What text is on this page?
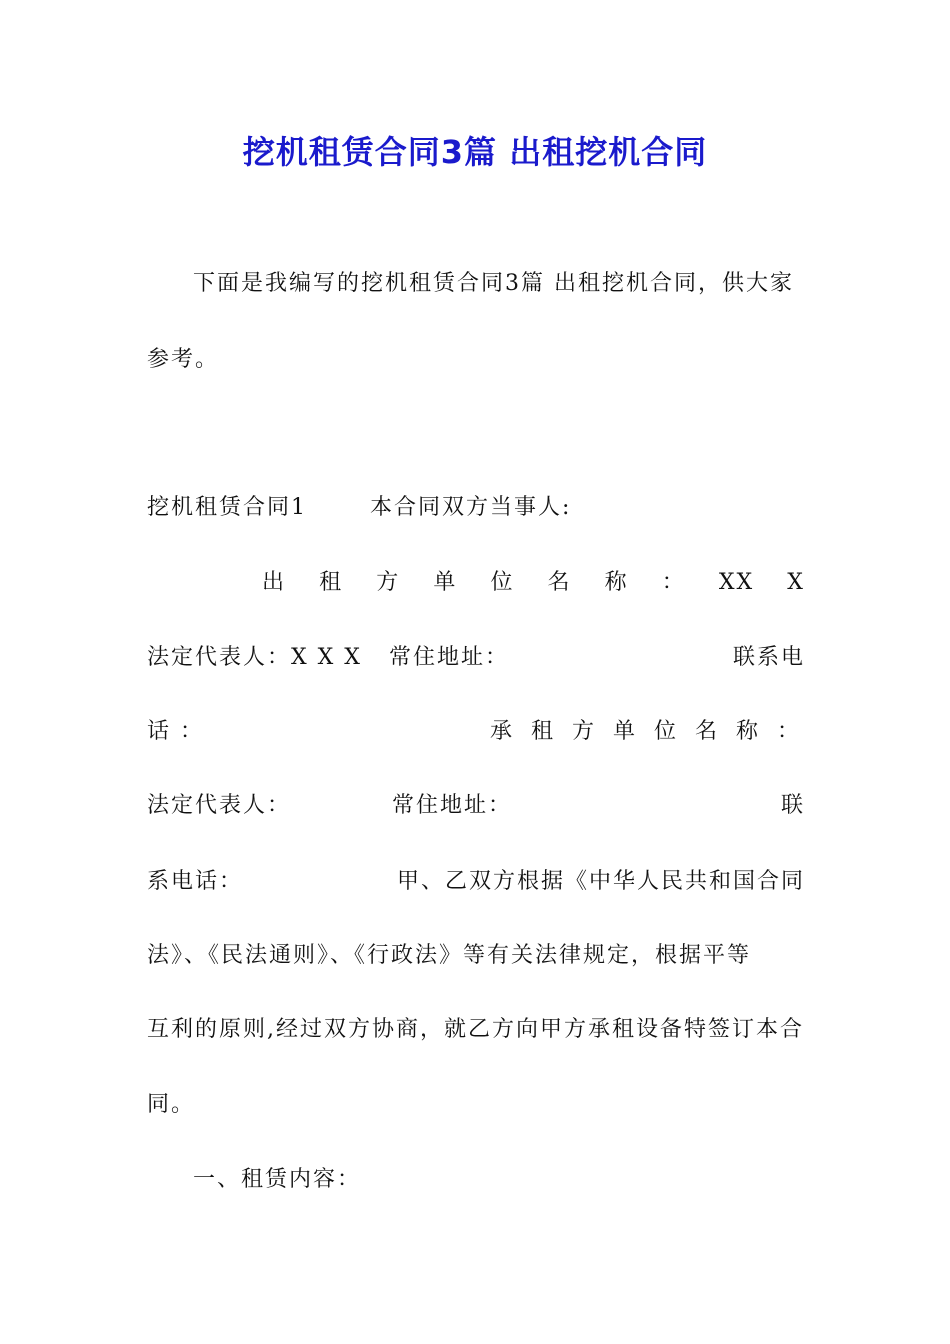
挖机租赁合同3篇 出租挖机合同
下面是我编写的挖机租赁合同3篇 出租挖机合同，供大家
参考。
挖机租赁合同1	本合同双方当事人:
出 租 方 单 位 名 称 ： XX X
法定代表人：X X X 常住地址：	联系电
话 ：	承 租 方 单 位 名 称 ：
法定代表人：	常住地址：	联
系电话：	甲、乙双方根据《中华人民共和国合同
法》、《民法通则》、《行政法》等有关法律规定，根据平等
互利的原则,经过双方协商，就乙方向甲方承租设备特签订本合
同。
一、租赁内容：
